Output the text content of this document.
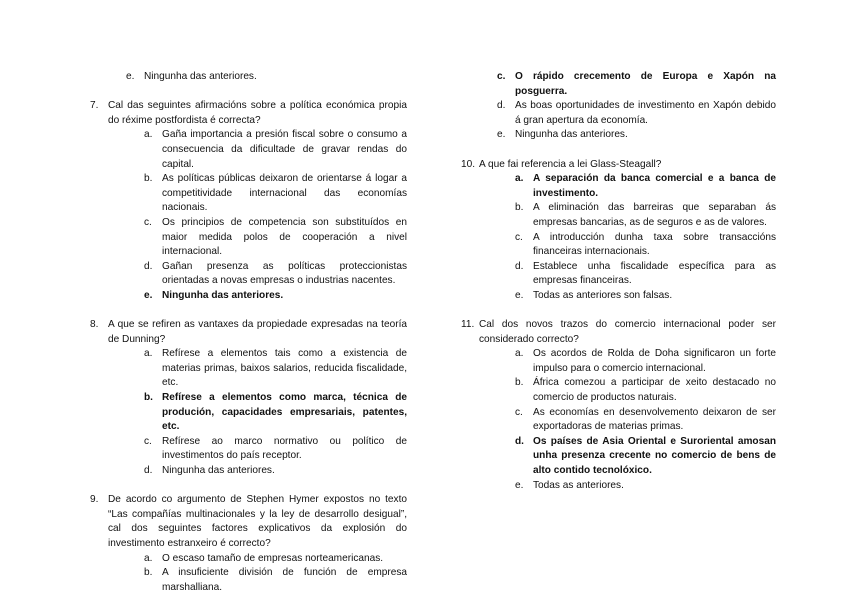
e. Ningunha das anteriores.
7. Cal das seguintes afirmacións sobre a política económica propia do réxime postfordista é correcta?
a. Gaña importancia a presión fiscal sobre o consumo a consecuencia da dificultade de gravar rendas do capital.
b. As políticas públicas deixaron de orientarse á logar a competitividade internacional das economías nacionais.
c. Os principios de competencia son substituídos en maior medida polos de cooperación a nivel internacional.
d. Gañan presenza as políticas proteccionistas orientadas a novas empresas o industrias nacentes.
e. Ningunha das anteriores.
8. A que se refiren as vantaxes da propiedade expresadas na teoría de Dunning?
a. Refírese a elementos tais como a existencia de materias primas, baixos salarios, reducida fiscalidade, etc.
b. Refírese a elementos como marca, técnica de produción, capacidades empresariais, patentes, etc.
c. Refírese ao marco normativo ou político de investimentos do país receptor.
d. Ningunha das anteriores.
9. De acordo co argumento de Stephen Hymer expostos no texto “Las compañías multinacionales y la ley de desarrollo desigual”, cal dos seguintes factores explicativos da explosión do investimento estranxeiro é correcto?
a. O escaso tamaño de empresas norteamericanas.
b. A insuficiente división de función de empresa marshalliana.
c. O rápido crecemento de Europa e Xapón na posguerra.
d. As boas oportunidades de investimento en Xapón debido á gran apertura da economía.
e. Ningunha das anteriores.
10. A que fai referencia a lei Glass-Steagall?
a. A separación da banca comercial e a banca de investimento.
b. A eliminación das barreiras que separaban ás empresas bancarias, as de seguros e as de valores.
c. A introducción dunha taxa sobre transaccións financeiras internacionais.
d. Establece unha fiscalidade específica para as empresas financeiras.
e. Todas as anteriores son falsas.
11. Cal dos novos trazos do comercio internacional poder ser considerado correcto?
a. Os acordos de Rolda de Doha significaron un forte impulso para o comercio internacional.
b. África comezou a participar de xeito destacado no comercio de productos naturais.
c. As economías en desenvolvemento deixaron de ser exportadoras de materias primas.
d. Os países de Asia Oriental e Suroriental amosan unha presenza crecente no comercio de bens de alto contido tecnolóxico.
e. Todas as anteriores.
